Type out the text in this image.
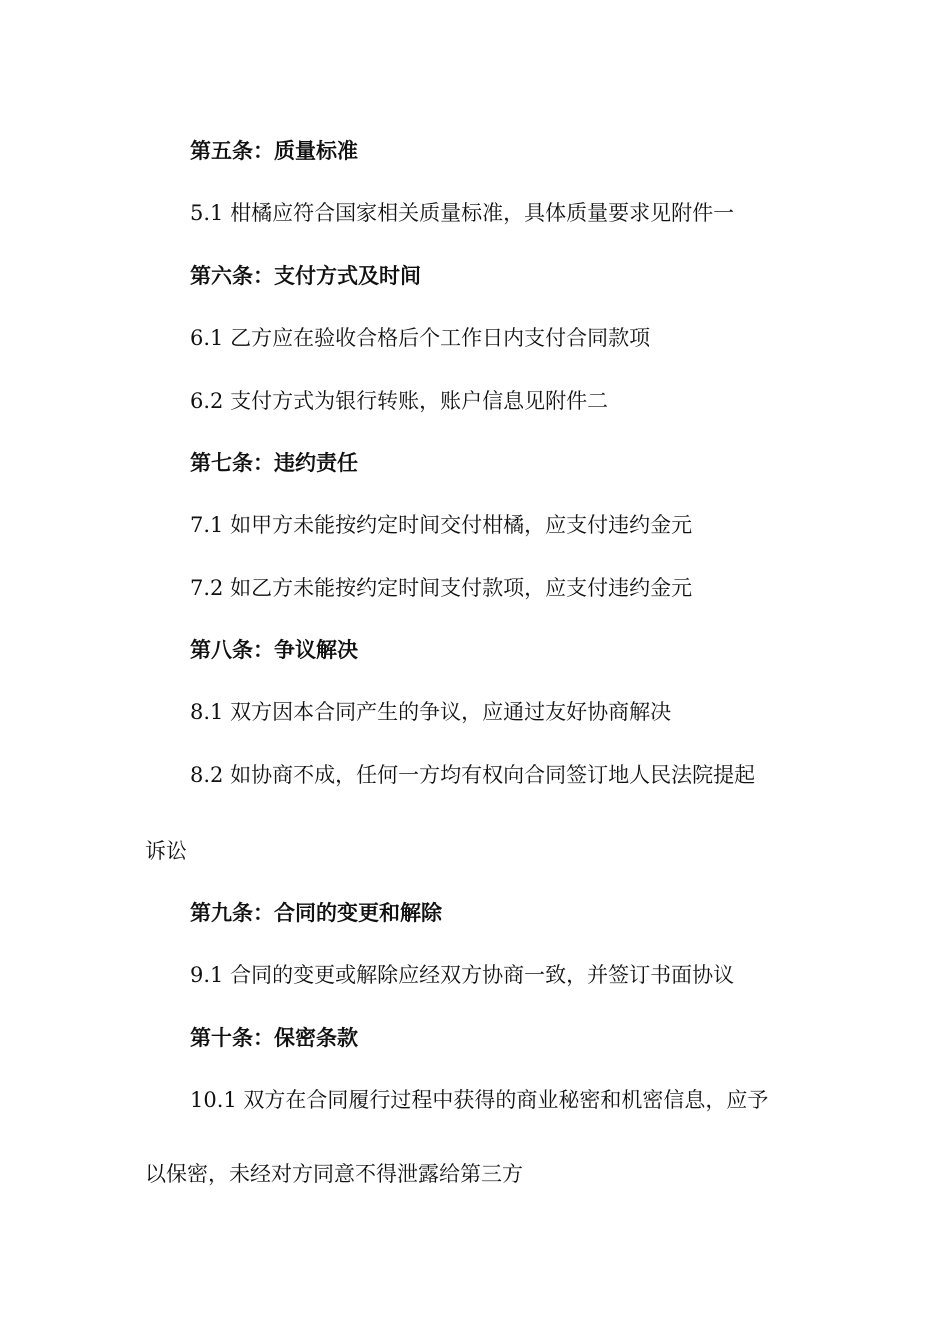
第五条：质量标准
5.1 柑橘应符合国家相关质量标准，具体质量要求见附件一
第六条：支付方式及时间
6.1 乙方应在验收合格后个工作日内支付合同款项
6.2 支付方式为银行转账，账户信息见附件二
第七条：违约责任
7.1 如甲方未能按约定时间交付柑橘，应支付违约金元
7.2 如乙方未能按约定时间支付款项，应支付违约金元
第八条：争议解决
8.1 双方因本合同产生的争议，应通过友好协商解决
8.2 如协商不成，任何一方均有权向合同签订地人民法院提起
诉讼
第九条：合同的变更和解除
9.1 合同的变更或解除应经双方协商一致，并签订书面协议
第十条：保密条款
10.1 双方在合同履行过程中获得的商业秘密和机密信息，应予
以保密，未经对方同意不得泄露给第三方
